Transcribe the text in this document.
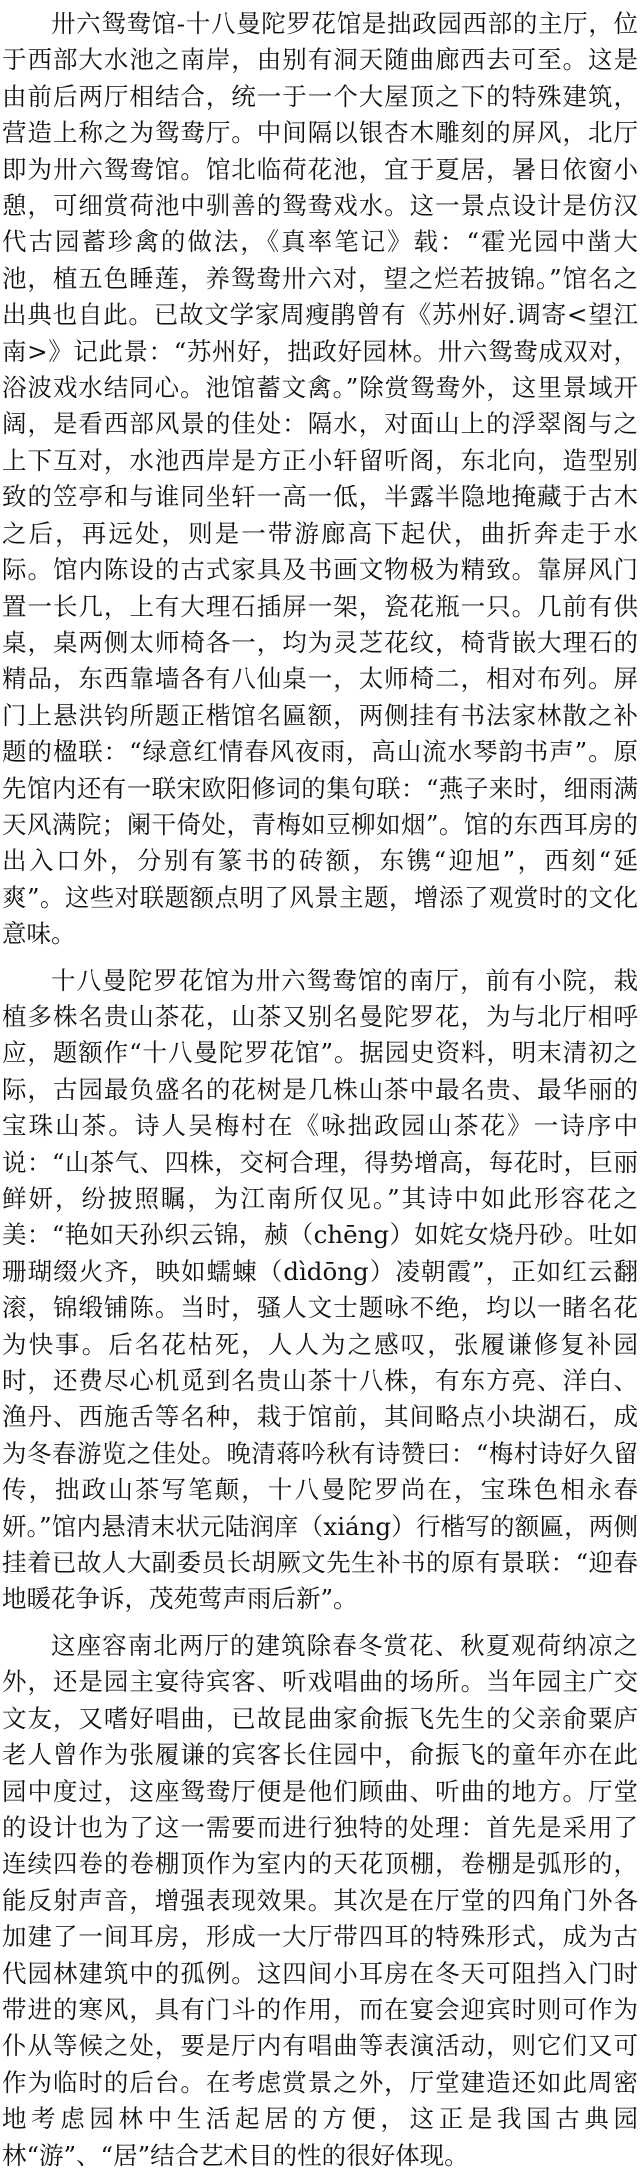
卅六鸳鸯馆-十八曼陀罗花馆是拙政园西部的主厅，位于西部大水池之南岸，由别有洞天随曲廊西去可至。这是由前后两厅相结合，统一于一个大屋顶之下的特殊建筑，营造上称之为鸳鸯厅。中间隔以银杏木雕刻的屏风，北厅即为卅六鸳鸯馆。馆北临荷花池，宜于夏居，暑日依窗小憩，可细赏荷池中驯善的鸳鸯戏水。这一景点设计是仿汉代古园蓄珍禽的做法，《真率笔记》载：“霍光园中凿大池，植五色睡莲，养鸳鸯卅六对，望之烂若披锦。”馆名之出典也自此。已故文学家周瘦鹃曾有《苏州好.调寄<望江南>》记此景：“苏州好，拙政好园林。卅六鸳鸯成双对，浴波戏水结同心。池馆蓄文禽。”除赏鸳鸯外，这里景域开阔，是看西部风景的佳处：隔水，对面山上的浮翠阁与之上下互对，水池西岸是方正小轩留听阁，东北向，造型别致的笠亭和与谁同坐轩一高一低，半露半隐地掩藏于古木之后，再远处，则是一带游廊高下起伏，曲折奔走于水际。馆内陈设的古式家具及书画文物极为精致。靠屏风门置一长几，上有大理石插屏一架，瓷花瓶一只。几前有供桌，桌两侧太师椅各一，均为灵芝花纹，椅背嵌大理石的精品，东西靠墙各有八仙桌一，太师椅二，相对布列。屏门上悬洪钧所题正楷馆名匾额，两侧挂有书法家林散之补题的楹联：“绿意红情春风夜雨，高山流水琴韵书声”。原先馆内还有一联宋欧阳修词的集句联：“燕子来时，细雨满天风满院；阑干倚处，青梅如豆柳如烟”。馆的东西耳房的出入口外，分别有篆书的砖额，东镌“迎旭”，西刻“延爽”。这些对联题额点明了风景主题，增添了观赏时的文化意味。

十八曼陀罗花馆为卅六鸳鸯馆的南厅，前有小院，栽植多株名贵山茶花，山茶又别名曼陀罗花，为与北厅相呼应，题额作“十八曼陀罗花馆”。据园史资料，明末清初之际，古园最负盛名的花树是几株山茶中最名贵、最华丽的宝珠山茶。诗人吴梅村在《咏拙政园山茶花》一诗序中说：“山茶气、四株，交柯合理，得势增高，每花时，巨丽鲜妍，纷披照瞩，为江南所仅见。”其诗中如此形容花之美：“艳如天孙织云锦，赪（chēng）如姹女烧丹砂。吐如珊瑚缀火齐，映如蠕蝀（dìdōng）凌朝霞”，正如红云翻滚，锦缎铺陈。当时，骚人文士题咏不绝，均以一睹名花为快事。后名花枯死，人人为之感叹，张履谦修复补园时，还费尽心机觅到名贵山茶十八株，有东方亮、洋白、渔丹、西施舌等名种，栽于馆前，其间略点小块湖石，成为冬春游览之佳处。晚清蒋吟秋有诗赞曰：“梅村诗好久留传，拙政山茶写笔颠，十八曼陀罗尚在，宝珠色相永春妍。”馆内悬清末状元陆润庠（xiáng）行楷写的额匾，两侧挂着已故人大副委员长胡厥文先生补书的原有景联：“迎春地暖花争诉，茂苑莺声雨后新”。

这座容南北两厅的建筑除春冬赏花、秋夏观荷纳凉之外，还是园主宴待宾客、听戏唱曲的场所。当年园主广交文友，又嗜好唱曲，已故昆曲家俞振飞先生的父亲俞粟庐老人曾作为张履谦的宾客长住园中，俞振飞的童年亦在此园中度过，这座鸳鸯厅便是他们顾曲、听曲的地方。厅堂的设计也为了这一需要而进行独特的处理：首先是采用了连续四卷的卷棚顶作为室内的天花顶棚，卷棚是弧形的，能反射声音，增强表现效果。其次是在厅堂的四角门外各加建了一间耳房，形成一大厅带四耳的特殊形式，成为古代园林建筑中的孤例。这四间小耳房在冬天可阻挡入门时带进的寒风，具有门斗的作用，而在宴会迎宾时则可作为仆从等候之处，要是厅内有唱曲等表演活动，则它们又可作为临时的后台。在考虑赏景之外，厅堂建造还如此周密地考虑园林中生活起居的方便，这正是我国古典园林“游”、“居”结合艺术目的性的很好体现。
